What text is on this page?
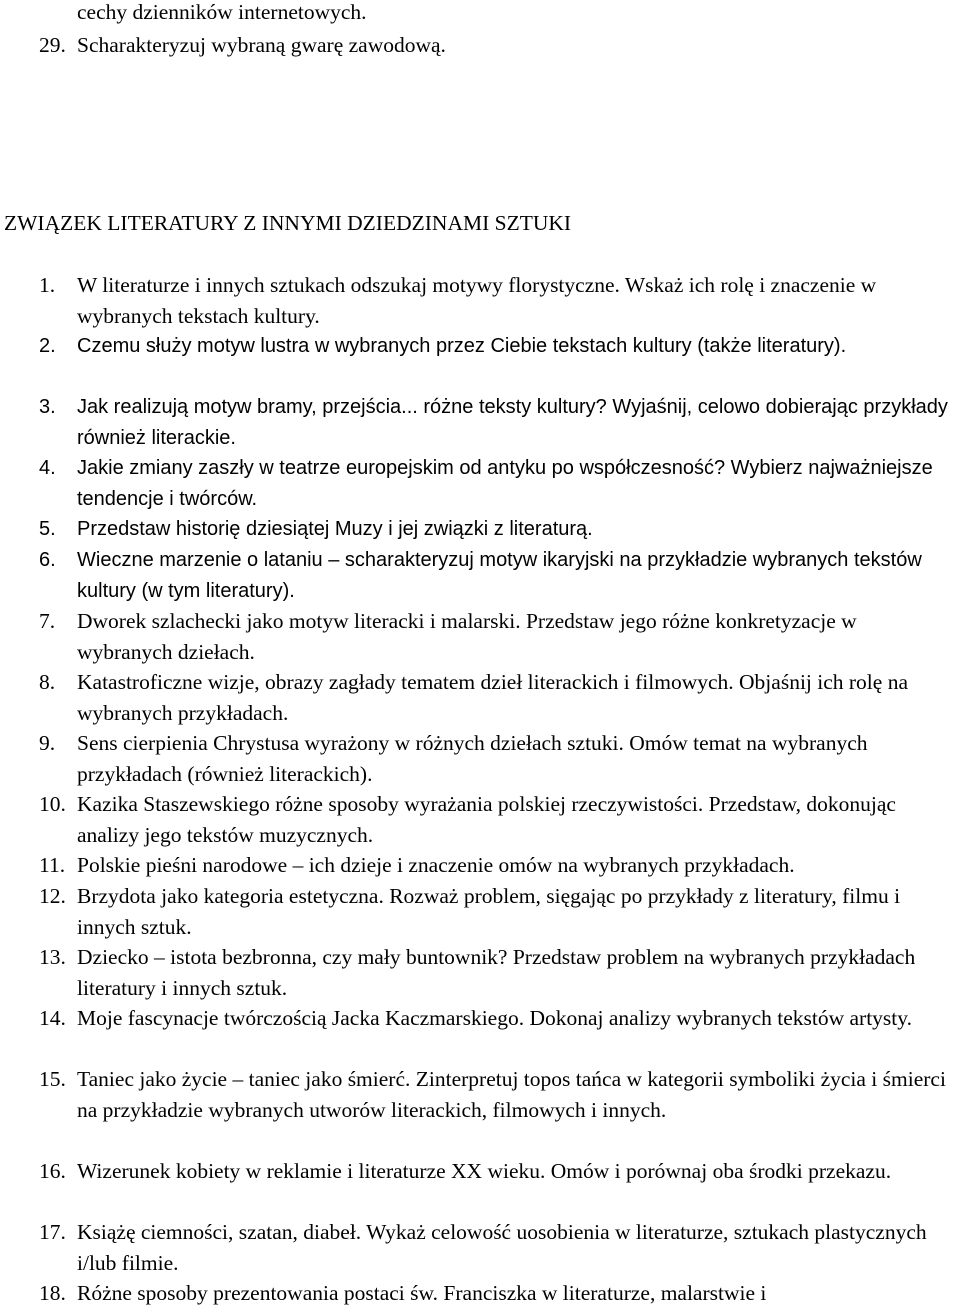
cechy dzienników internetowych.
29. Scharakteryzuj wybraną gwarę zawodową.
ZWIĄZEK LITERATURY Z INNYMI DZIEDZINAMI SZTUKI
1.	W literaturze i innych sztukach odszukaj motywy florystyczne. Wskaż ich rolę i znaczenie w wybranych tekstach kultury.
2.	Czemu służy motyw lustra w wybranych przez Ciebie tekstach kultury (także literatury).
3.	Jak realizują motyw bramy, przejścia... różne teksty kultury? Wyjaśnij, celowo dobierając przykłady również literackie.
4.	Jakie zmiany zaszły w teatrze europejskim od antyku po współczesność? Wybierz najważniejsze tendencje i twórców.
5.	Przedstaw historię dziesiątej Muzy i jej związki z literaturą.
6.	Wieczne marzenie o lataniu – scharakteryzuj motyw ikaryjski na przykładzie wybranych tekstów kultury (w tym literatury).
7.	Dworek szlachecki jako motyw literacki i malarski. Przedstaw jego różne konkretyzacje w wybranych dziełach.
8.	Katastroficzne wizje, obrazy zagłady tematem dzieł literackich i filmowych. Objaśnij ich rolę na wybranych przykładach.
9.	Sens cierpienia Chrystusa wyrażony w różnych dziełach sztuki. Omów temat na wybranych przykładach (również literackich).
10. Kazika Staszewskiego różne sposoby wyrażania polskiej rzeczywistości. Przedstaw, dokonując analizy jego tekstów muzycznych.
11. Polskie pieśni narodowe – ich dzieje i znaczenie omów na wybranych przykładach.
12. Brzydota jako kategoria estetyczna. Rozważ problem, sięgając po przykłady z literatury, filmu i innych sztuk.
13. Dziecko – istota bezbronna, czy mały buntownik? Przedstaw problem na wybranych przykładach literatury i innych sztuk.
14. Moje fascynacje twórczością Jacka Kaczmarskiego. Dokonaj analizy wybranych tekstów artysty.
15. Taniec jako życie – taniec jako śmierć. Zinterpretuj topos tańca w kategorii symboliki życia i śmierci na przykładzie wybranych utworów literackich, filmowych i innych.
16. Wizerunek kobiety w reklamie i literaturze XX wieku. Omów i porównaj oba środki przekazu.
17. Książę ciemności, szatan, diabeł. Wykaż celowość uosobienia w literaturze, sztukach plastycznych i/lub filmie.
18. Różne sposoby prezentowania postaci św. Franciszka w literaturze, malarstwie i
